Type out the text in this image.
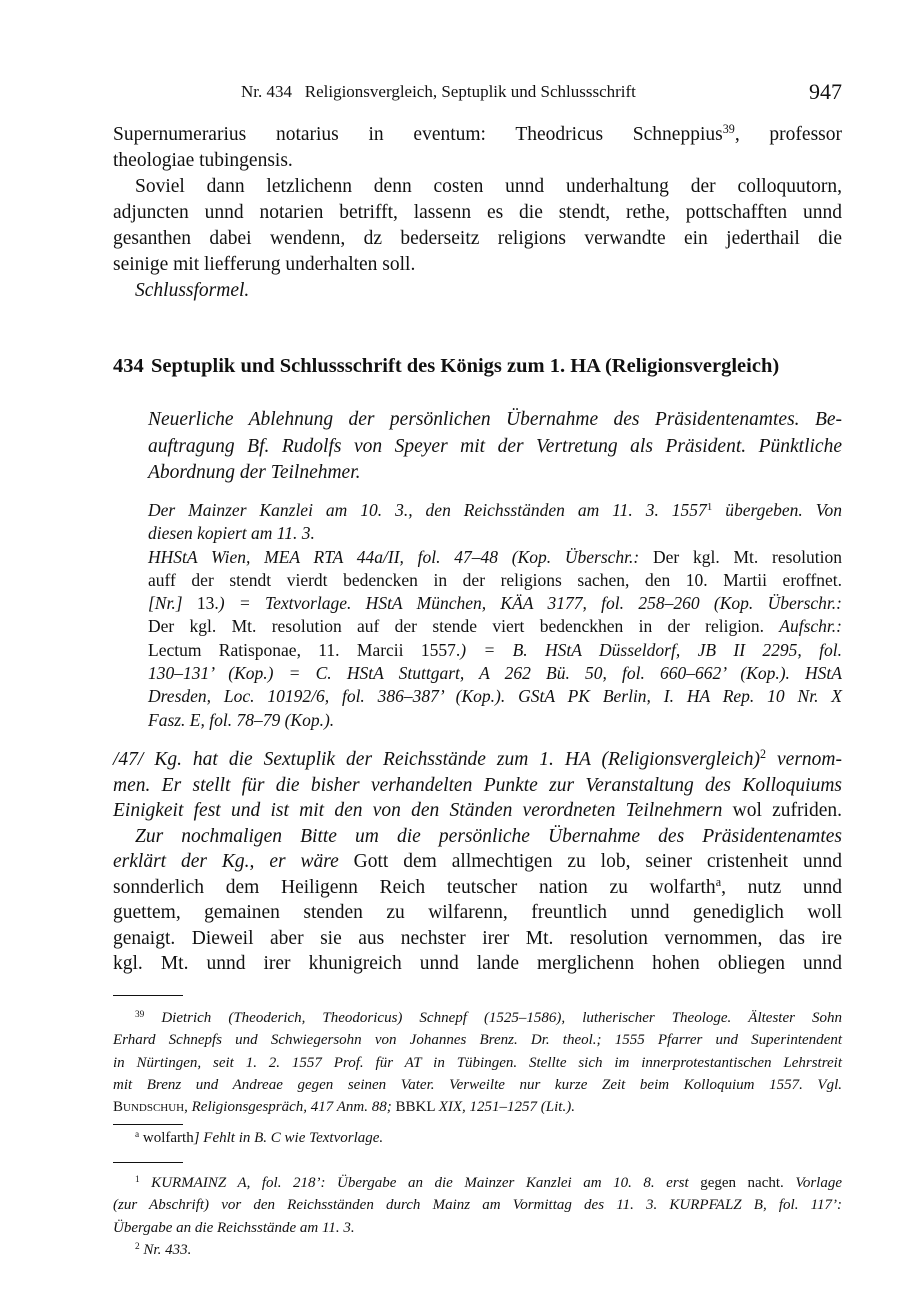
Nr. 434   Religionsvergleich, Septuplik und Schlussschrift	947
Supernumerarius notarius in eventum: Theodricus Schneppius$^{39}$, professor
theologiae tubingensis.
Soviel dann letzlichenn denn costen unnd underhaltung der colloquutorn,
adjuncten unnd notarien betrifft, lassenn es die stendt, rethe, pottschafften unnd
gesanthen dabei wendenn, dz bederseitz religions verwandte ein jederthail die
seinige mit liefferung underhalten soll.
Schlussformel.
434 Septuplik und Schlussschrift des Königs zum 1. HA (Religionsvergleich)
Neuerliche Ablehnung der persönlichen Übernahme des Präsidentenamtes. Be-
auftragung Bf. Rudolfs von Speyer mit der Vertretung als Präsident. Pünktliche
Abordnung der Teilnehmer.
Der Mainzer Kanzlei am 10. 3., den Reichsständen am 11. 3. 1557$^1$ übergeben. Von
diesen kopiert am 11. 3.
HHStA Wien, MEA RTA 44a/II, fol. 47–48 (Kop. Überschr.: Der kgl. Mt. resolution
auff der stendt vierdt bedencken in der religions sachen, den 10. Martii eroffnet.
[Nr.] 13.) = Textvorlage. HStA München, KÄA 3177, fol. 258–260 (Kop. Überschr.:
Der kgl. Mt. resolution auf der stende viert bedenckhen in der religion. Aufschr.:
Lectum Ratisponae, 11. Marcii 1557.) = B. HStA Düsseldorf, JB II 2295, fol.
130–131’ (Kop.) = C. HStA Stuttgart, A 262 Bü. 50, fol. 660–662’ (Kop.). HStA
Dresden, Loc. 10192/6, fol. 386–387’ (Kop.). GStA PK Berlin, I. HA Rep. 10 Nr. X
Fasz. E, fol. 78–79 (Kop.).
/47/ Kg. hat die Sextuplik der Reichsstände zum 1. HA (Religionsvergleich)$^2$ vernom-
men. Er stellt für die bisher verhandelten Punkte zur Veranstaltung des Kolloquiums
Einigkeit fest und ist mit den von den Ständen verordneten Teilnehmern wol zufriden.
Zur nochmaligen Bitte um die persönliche Übernahme des Präsidentenamtes
erklärt der Kg., er wäre Gott dem allmechtigen zu lob, seiner cristenheit unnd
sonnderlich dem Heiligenn Reich teutscher nation zu wolfarth$^a$, nutz unnd
guettem, gemainen stenden zu wilfarenn, freuntlich unnd genediglich woll
genaigt. Dieweil aber sie aus nechster irer Mt. resolution vernommen, das ire
kgl. Mt. unnd irer khunigreich unnd lande merglichenn hohen obliegen unnd
$^{39}$ Dietrich (Theoderich, Theodoricus) Schnepf (1525–1586), lutherischer Theologe. Ältester Sohn
Erhard Schnepfs und Schwiegersohn von Johannes Brenz. Dr. theol.; 1555 Pfarrer und Superintendent
in Nürtingen, seit 1. 2. 1557 Prof. für AT in Tübingen. Stellte sich im innerprotestantischen Lehrstreit
mit Brenz und Andreae gegen seinen Vater. Verweilte nur kurze Zeit beim Kolloquium 1557. Vgl.
Bundschuh, Religionsgespräch, 417 Anm. 88; BBKL XIX, 1251–1257 (Lit.).
$^a$ wolfarth] Fehlt in B. C wie Textvorlage.
$^1$ KURMAINZ A, fol. 218’: Übergabe an die Mainzer Kanzlei am 10. 8. erst gegen nacht. Vorlage
(zur Abschrift) vor den Reichsständen durch Mainz am Vormittag des 11. 3. KURPFALZ B, fol. 117’:
Übergabe an die Reichsstände am 11. 3.
$^2$ Nr. 433.
